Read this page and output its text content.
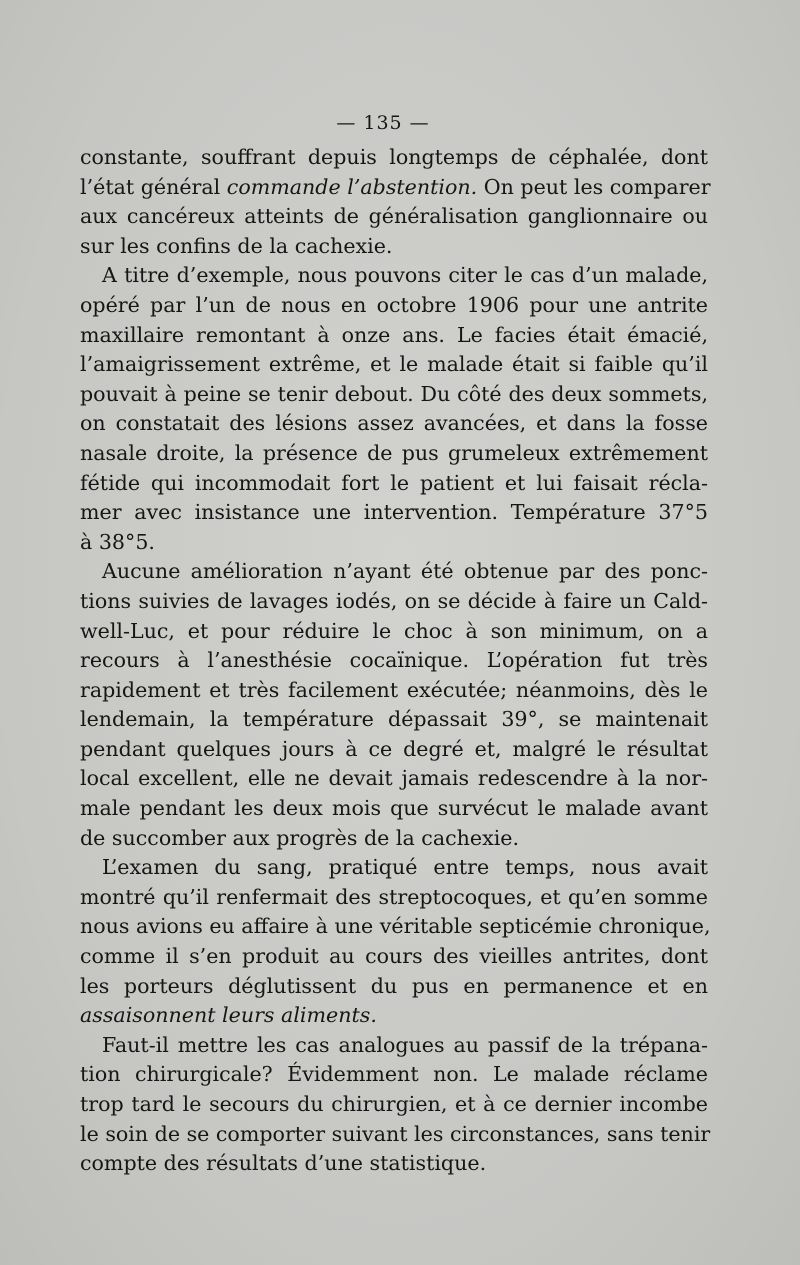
— 135 —
constante, souffrant depuis longtemps de céphalée, dont
l’état général commande l’abstention. On peut les comparer
aux cancéreux atteints de généralisation ganglionnaire ou
sur les confins de la cachexie.
A titre d’exemple, nous pouvons citer le cas d’un malade,
opéré par l’un de nous en octobre 1906 pour une antrite
maxillaire remontant à onze ans. Le facies était émacié,
l’amaigrissement extrême, et le malade était si faible qu’il
pouvait à peine se tenir debout. Du côté des deux sommets,
on constatait des lésions assez avancées, et dans la fosse
nasale droite, la présence de pus grumeleux extrêmement
fétide qui incommodait fort le patient et lui faisait récla-
mer avec insistance une intervention. Température 37°5
à 38°5.
Aucune amélioration n’ayant été obtenue par des ponc-
tions suivies de lavages iodés, on se décide à faire un Cald-
well-Luc, et pour réduire le choc à son minimum, on a
recours à l’anesthésie cocaïnique. L’opération fut très
rapidement et très facilement exécutée; néanmoins, dès le
lendemain, la température dépassait 39°, se maintenait
pendant quelques jours à ce degré et, malgré le résultat
local excellent, elle ne devait jamais redescendre à la nor-
male pendant les deux mois que survécut le malade avant
de succomber aux progrès de la cachexie.
L’examen du sang, pratiqué entre temps, nous avait
montré qu’il renfermait des streptocoques, et qu’en somme
nous avions eu affaire à une véritable septicémie chronique,
comme il s’en produit au cours des vieilles antrites, dont
les porteurs déglutissent du pus en permanence et en
assaisonnent leurs aliments.
Faut-il mettre les cas analogues au passif de la trépana-
tion chirurgicale? Évidemment non. Le malade réclame
trop tard le secours du chirurgien, et à ce dernier incombe
le soin de se comporter suivant les circonstances, sans tenir
compte des résultats d’une statistique.
